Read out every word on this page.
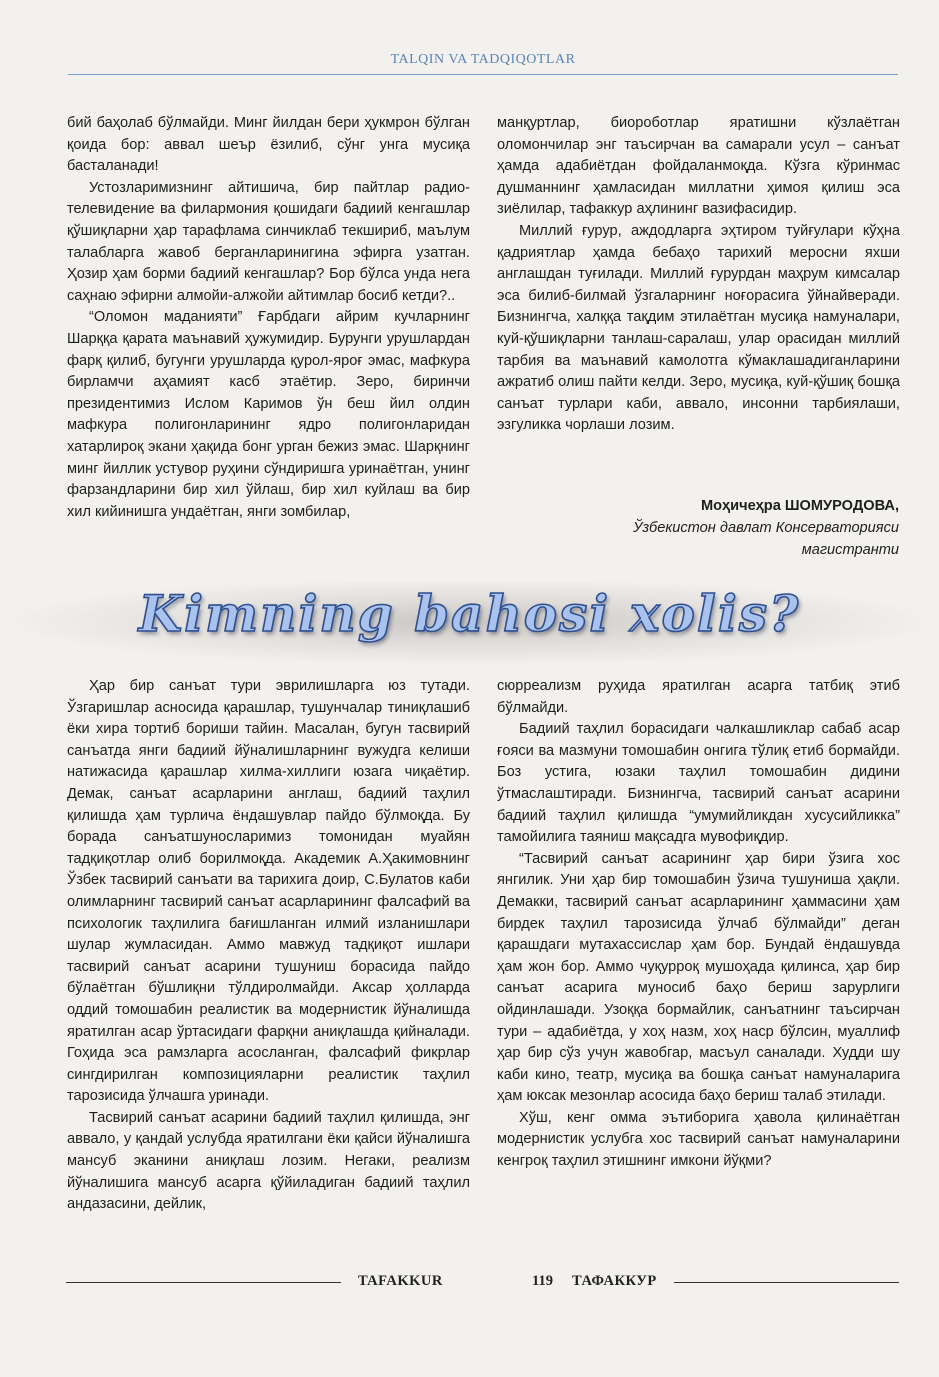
TALQIN VA TADQIQOTLAR

бий баҳолаб бўлмайди. Минг йилдан бери ҳукмрон бўлган қоида бор: аввал шеър ёзилиб, сўнг унга мусиқа басталанади!

Устозларимизнинг айтишича, бир пайтлар радио-телевидение ва филармония қошидаги бадиий кенгашлар қўшиқларни ҳар тарафлама синчиклаб текшириб, маълум талабларга жавоб берганларинигина эфирга узатган. Ҳозир ҳам борми бадиий кенгашлар? Бор бўлса унда нега саҳнаю эфирни алмойи-алжойи айтимлар босиб кетди?..

“Оломон маданияти” Ғарбдаги айрим кучларнинг Шарққа қарата маънавий ҳужумидир. Бурунги урушлардан фарқ қилиб, бугунги урушларда қурол-яроғ эмас, мафкура бирламчи аҳамият касб этаётир. Зеро, биринчи президентимиз Ислом Каримов ўн беш йил олдин мафкура полигонларининг ядро полигонларидан хатарлироқ экани ҳақида бонг урган бежиз эмас. Шарқнинг минг йиллик устувор руҳини сўндиришга уринаётган, унинг фарзандларини бир хил ўйлаш, бир хил куйлаш ва бир хил кийинишга ундаётган, янги зомбилар,

манқуртлар, биороботлар яратишни кўзлаётган оломончилар энг таъсирчан ва самарали усул – санъат ҳамда адабиётдан фойдаланмоқда. Кўзга кўринмас душманнинг ҳамласидан миллатни ҳимоя қилиш эса зиёлилар, тафаккур аҳлининг вазифасидир.

Миллий ғурур, аждодларга эҳтиром туйғулари кўҳна қадриятлар ҳамда бебаҳо тарихий меросни яхши англашдан туғилади. Миллий ғурурдан маҳрум кимсалар эса билиб-билмай ўзгаларнинг ноғорасига ўйнайверади. Бизнингча, халққа тақдим этилаётган мусиқа намуналари, куй-қўшиқларни танлаш-саралаш, улар орасидан миллий тарбия ва маънавий камолотга кўмаклашадиганларини ажратиб олиш пайти келди. Зеро, мусиқа, куй-қўшиқ бошқа санъат турлари каби, аввало, инсонни тарбиялаши, эзгуликка чорлаши лозим.

Моҳичеҳра ШОМУРОДОВА,
Ўзбекистон давлат Консерваторияси
магистранти
Kimning bahosi xolis?

Ҳар бир санъат тури эврилишларга юз тутади. Ўзгаришлар асносида қарашлар, тушунчалар тиниқлашиб ёки хира тортиб бориши тайин. Масалан, бугун тасвирий санъатда янги бадиий йўналишларнинг вужудга келиши натижасида қарашлар хилма-хиллиги юзага чиқаётир. Демак, санъат асарларини англаш, бадиий таҳлил қилишда ҳам турлича ёндашувлар пайдо бўлмоқда. Бу борада санъатшуносларимиз томонидан муайян тадқиқотлар олиб борилмоқда. Академик А.Ҳакимовнинг Ўзбек тасвирий санъати ва тарихига доир, С.Булатов каби олимларнинг тасвирий санъат асарларининг фалсафий ва психологик таҳлилига бағишланган илмий изланишлари шулар жумласидан. Аммо мавжуд тадқиқот ишлари тасвирий санъат асарини тушуниш борасида пайдо бўлаётган бўшлиқни тўлдиролмайди. Аксар ҳолларда оддий томошабин реалистик ва модернистик йўналишда яратилган асар ўртасидаги фарқни аниқлашда қийналади. Гоҳида эса рамзларга асосланган, фалсафий фикрлар сингдирилган композицияларни реалистик таҳлил тарозисида ўлчашга уринади.

Тасвирий санъат асарини бадиий таҳлил қилишда, энг аввало, у қандай услубда яратилгани ёки қайси йўналишга мансуб эканини аниқлаш лозим. Негаки, реализм йўналишига мансуб асарга қўйиладиган бадиий таҳлил андазасини, дейлик,

сюрреализм руҳида яратилган асарга татбиқ этиб бўлмайди.

Бадиий таҳлил борасидаги чалкашликлар сабаб асар ғояси ва мазмуни томошабин онгига тўлиқ етиб бормайди. Боз устига, юзаки таҳлил томошабин дидини ўтмаслаштиради. Бизнингча, тасвирий санъат асарини бадиий таҳлил қилишда “умумийликдан хусусийликка” тамойилига таяниш мақсадга мувофиқдир.

“Тасвирий санъат асарининг ҳар бири ўзига хос янгилик. Уни ҳар бир томошабин ўзича тушуниша ҳақли. Демакки, тасвирий санъат асарларининг ҳаммасини ҳам бирдек таҳлил тарозисида ўлчаб бўлмайди” деган қарашдаги мутахассислар ҳам бор. Бундай ёндашувда ҳам жон бор. Аммо чуқурроқ мушоҳада қилинса, ҳар бир санъат асарига муносиб баҳо бериш зарурлиги ойдинлашади. Узоққа бормайлик, санъатнинг таъсирчан тури – адабиётда, у хоҳ назм, хоҳ наср бўлсин, муаллиф ҳар бир сўз учун жавобгар, масъул саналади. Худди шу каби кино, театр, мусиқа ва бошқа санъат намуналарига ҳам юксак мезонлар асосида баҳо бериш талаб этилади.

Хўш, кенг омма эътиборига ҳавола қилинаётган модернистик услубга хос тасвирий санъат намуналарини кенгроқ таҳлил этишнинг имкони йўқми?

TAFAKKUR	119 ТАФАККУР
